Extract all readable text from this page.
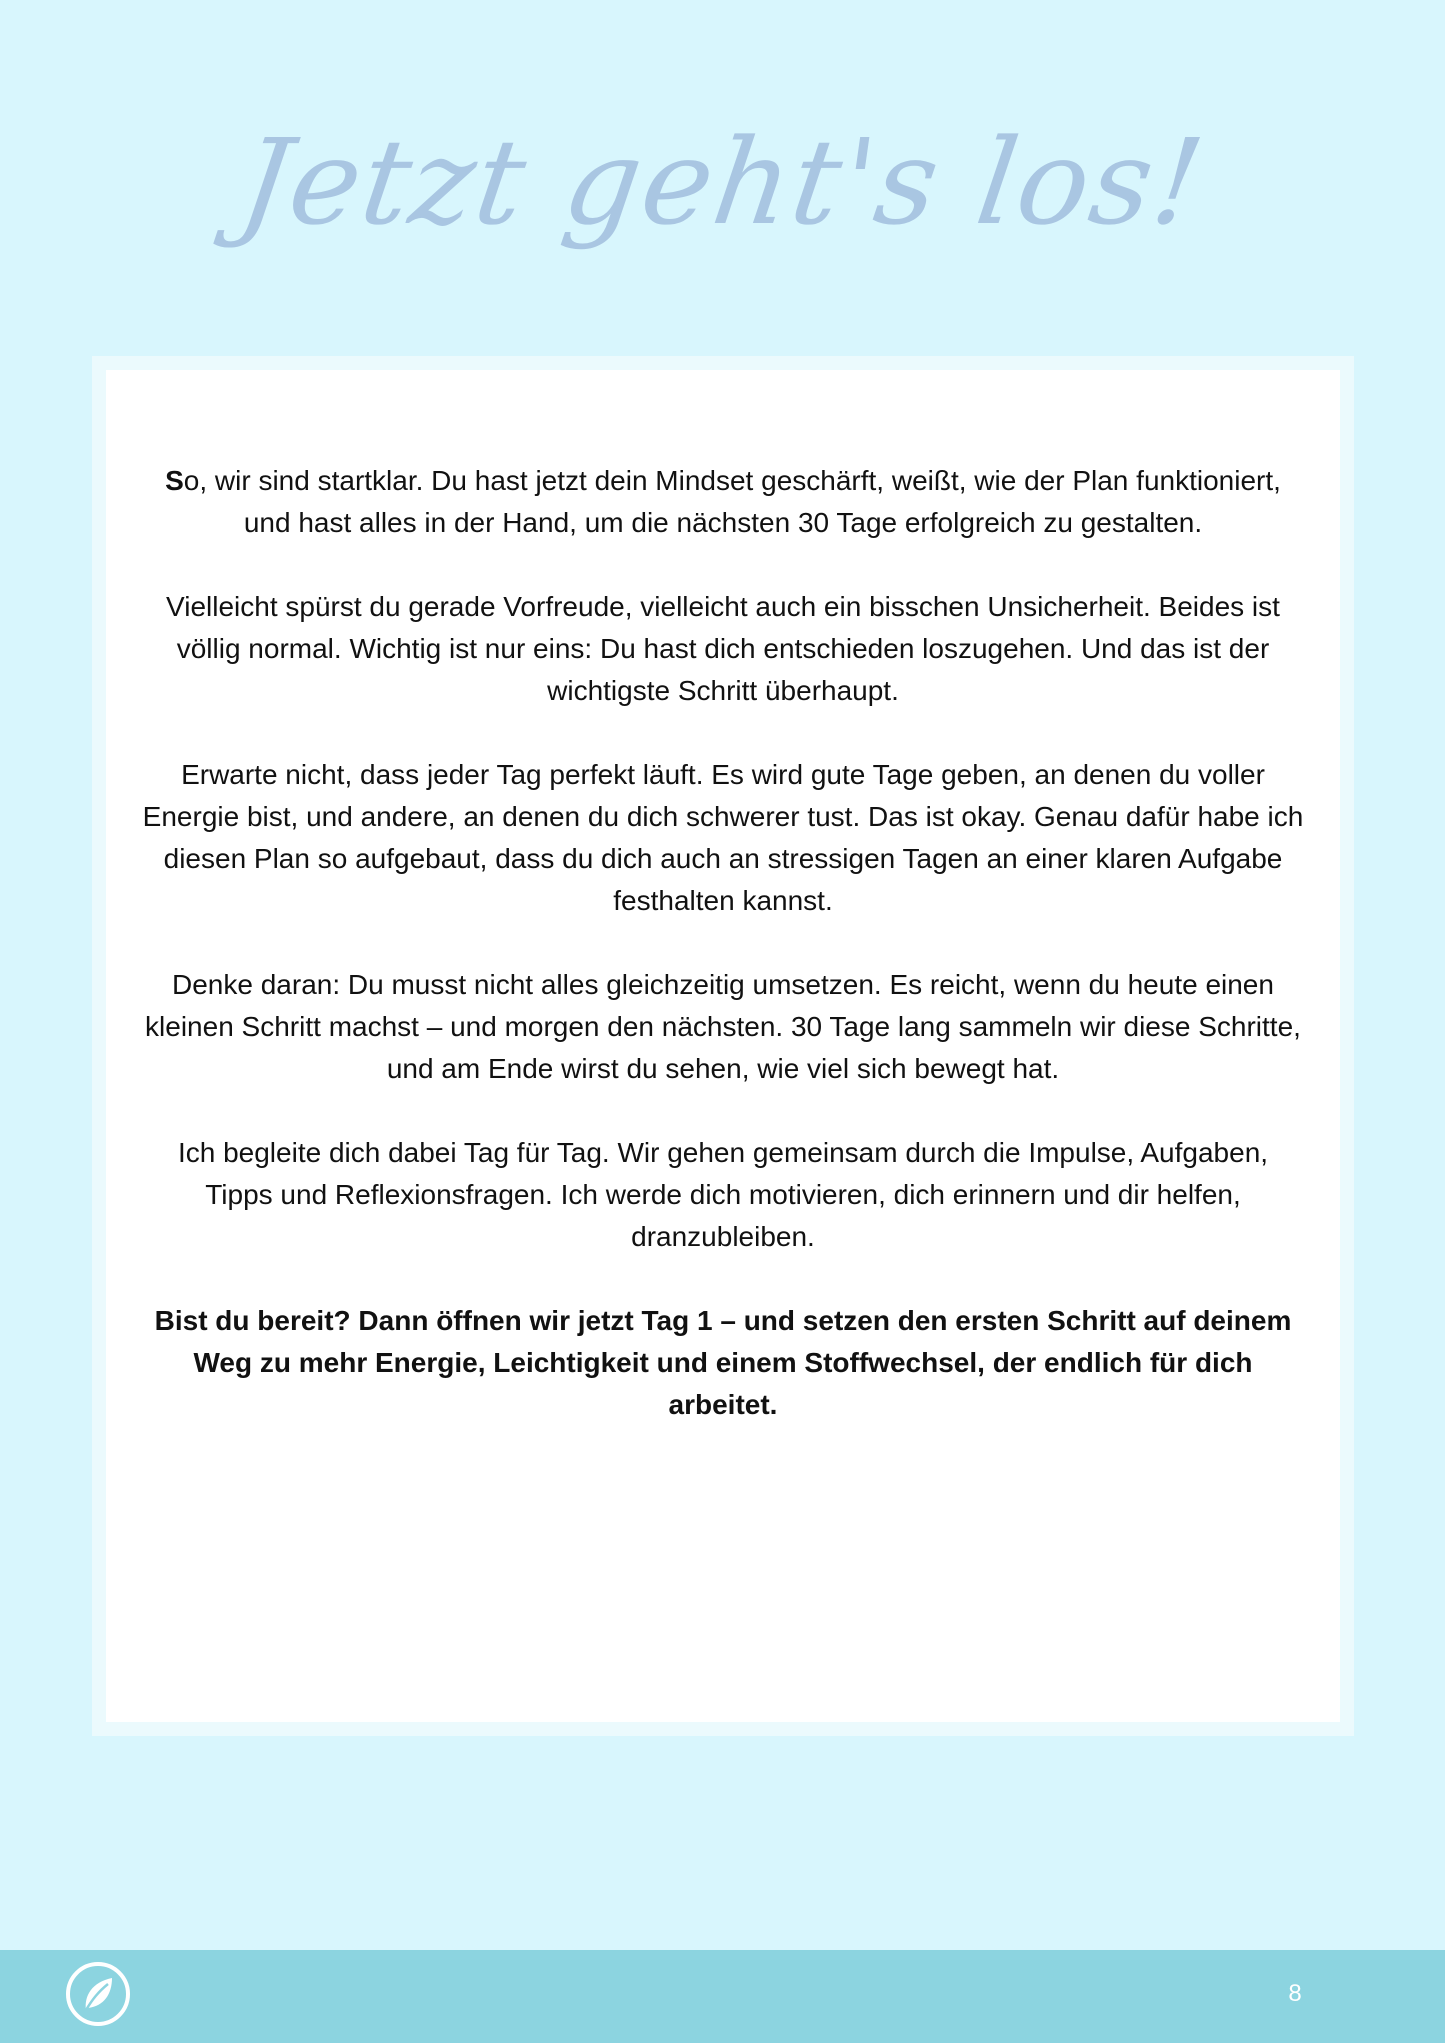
Jetzt geht's los!

So, wir sind startklar. Du hast jetzt dein Mindset geschärft, weißt, wie der Plan funktioniert, und hast alles in der Hand, um die nächsten 30 Tage erfolgreich zu gestalten.

Vielleicht spürst du gerade Vorfreude, vielleicht auch ein bisschen Unsicherheit. Beides ist völlig normal. Wichtig ist nur eins: Du hast dich entschieden loszugehen. Und das ist der wichtigste Schritt überhaupt.

Erwarte nicht, dass jeder Tag perfekt läuft. Es wird gute Tage geben, an denen du voller Energie bist, und andere, an denen du dich schwerer tust. Das ist okay. Genau dafür habe ich diesen Plan so aufgebaut, dass du dich auch an stressigen Tagen an einer klaren Aufgabe festhalten kannst.

Denke daran: Du musst nicht alles gleichzeitig umsetzen. Es reicht, wenn du heute einen kleinen Schritt machst – und morgen den nächsten. 30 Tage lang sammeln wir diese Schritte, und am Ende wirst du sehen, wie viel sich bewegt hat.

Ich begleite dich dabei Tag für Tag. Wir gehen gemeinsam durch die Impulse, Aufgaben, Tipps und Reflexionsfragen. Ich werde dich motivieren, dich erinnern und dir helfen, dranzubleiben.

Bist du bereit? Dann öffnen wir jetzt Tag 1 – und setzen den ersten Schritt auf deinem Weg zu mehr Energie, Leichtigkeit und einem Stoffwechsel, der endlich für dich arbeitet.

8
